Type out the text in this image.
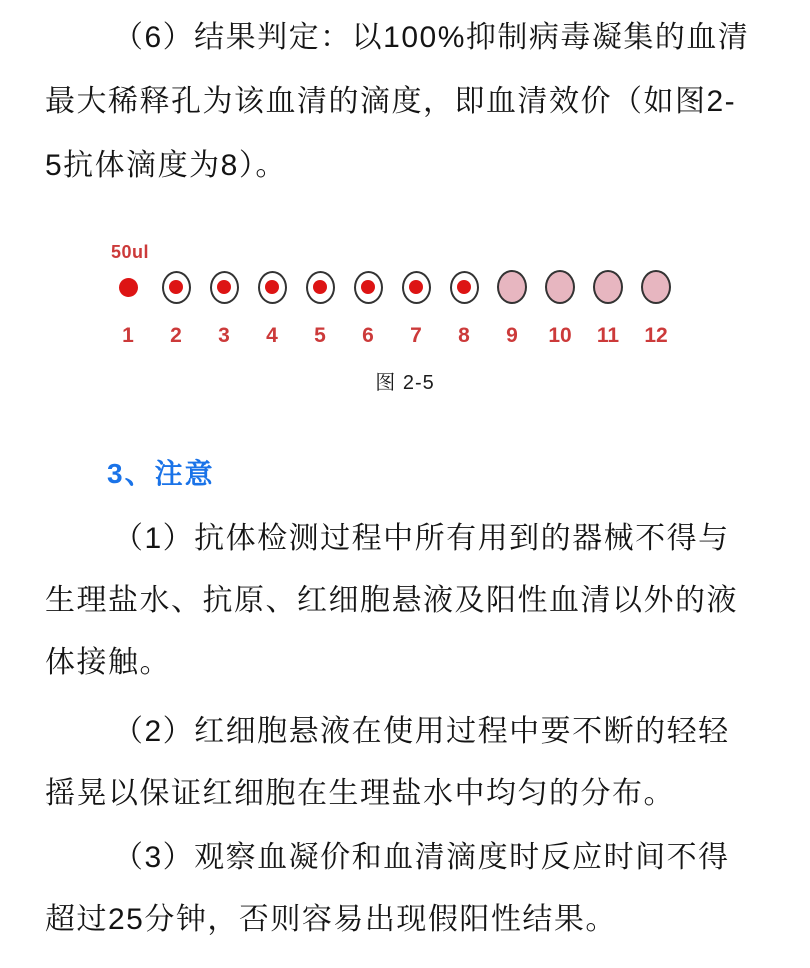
（6）结果判定：以100%抑制病毒凝集的血清
最大稀释孔为该血清的滴度，即血清效价（如图2-
5抗体滴度为8）。
50ul
1	2	3	4	5	6	7	8	9	10	11	12
图 2-5
3、注意
（1）抗体检测过程中所有用到的器械不得与
生理盐水、抗原、红细胞悬液及阳性血清以外的液
体接触。
（2）红细胞悬液在使用过程中要不断的轻轻
摇晃以保证红细胞在生理盐水中均匀的分布。
（3）观察血凝价和血清滴度时反应时间不得
超过25分钟，否则容易出现假阳性结果。
